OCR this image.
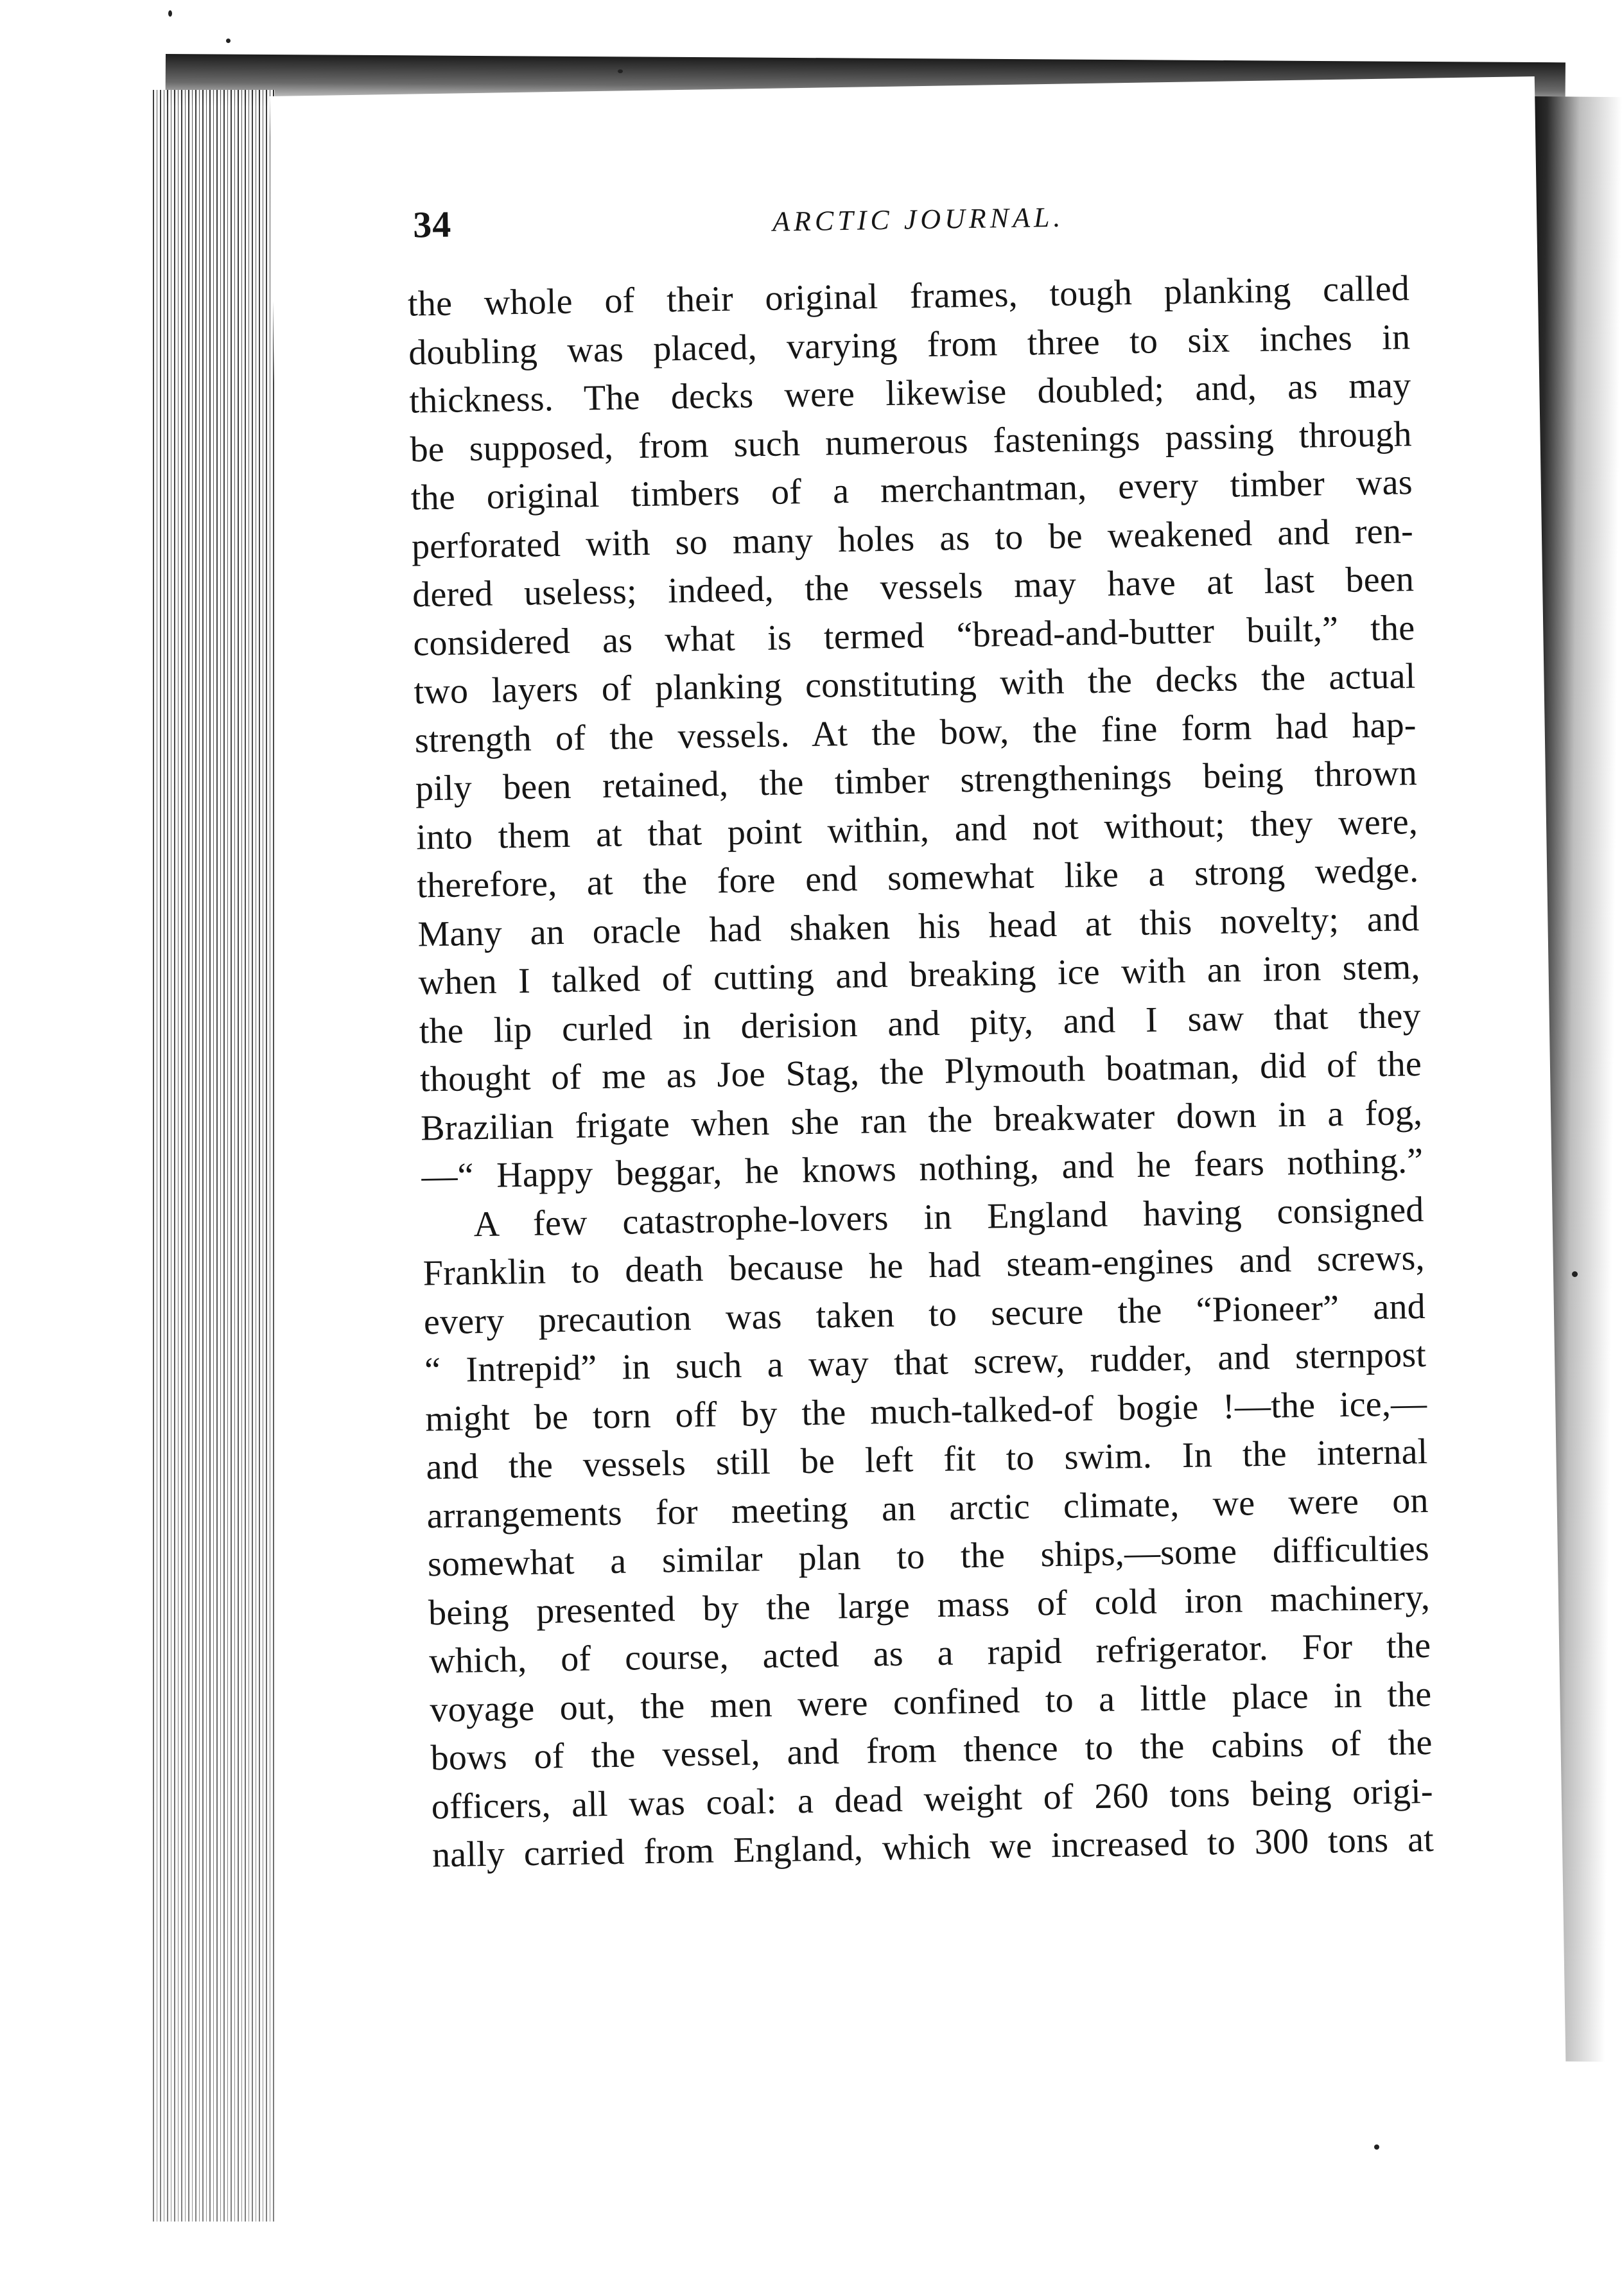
34	ARCTIC JOURNAL.
the whole of their original frames, tough planking called
doubling was placed, varying from three to six inches in
thickness. The decks were likewise doubled; and, as may
be supposed, from such numerous fastenings passing through
the original timbers of a merchantman, every timber was
perforated with so many holes as to be weakened and ren-
dered useless; indeed, the vessels may have at last been
considered as what is termed “bread-and-butter built,” the
two layers of planking constituting with the decks the actual
strength of the vessels. At the bow, the fine form had hap-
pily been retained, the timber strengthenings being thrown
into them at that point within, and not without; they were,
therefore, at the fore end somewhat like a strong wedge.
Many an oracle had shaken his head at this novelty; and
when I talked of cutting and breaking ice with an iron stem,
the lip curled in derision and pity, and I saw that they
thought of me as Joe Stag, the Plymouth boatman, did of the
Brazilian frigate when she ran the breakwater down in a fog,
—“ Happy beggar, he knows nothing, and he fears nothing.”
A few catastrophe-lovers in England having consigned
Franklin to death because he had steam-engines and screws,
every precaution was taken to secure the “Pioneer” and
“ Intrepid” in such a way that screw, rudder, and sternpost
might be torn off by the much-talked-of bogie !—the ice,—
and the vessels still be left fit to swim. In the internal
arrangements for meeting an arctic climate, we were on
somewhat a similar plan to the ships,—some difficulties
being presented by the large mass of cold iron machinery,
which, of course, acted as a rapid refrigerator. For the
voyage out, the men were confined to a little place in the
bows of the vessel, and from thence to the cabins of the
officers, all was coal: a dead weight of 260 tons being origi-
nally carried from England, which we increased to 300 tons at
